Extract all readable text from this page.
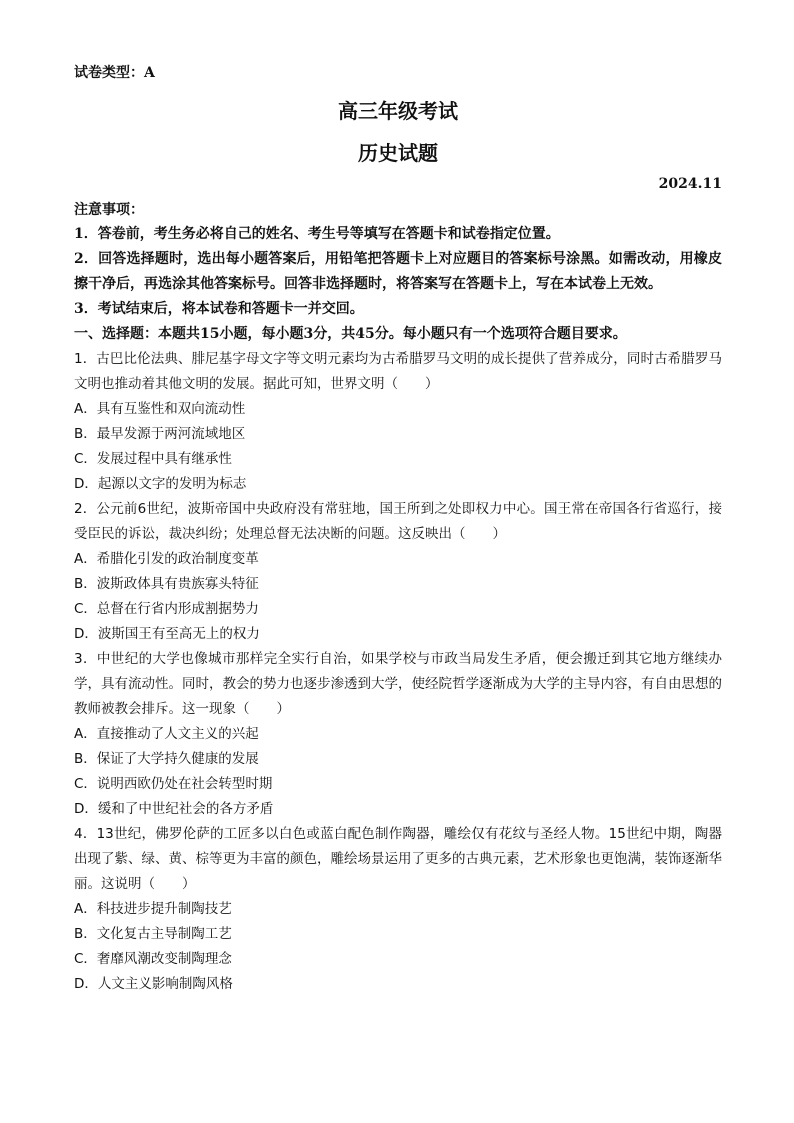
试卷类型：A
高三年级考试
历史试题
2024.11
注意事项：
1．答卷前，考生务必将自己的姓名、考生号等填写在答题卡和试卷指定位置。
2．回答选择题时，选出每小题答案后，用铅笔把答题卡上对应题目的答案标号涂黑。如需改动，用橡皮擦干净后，再选涂其他答案标号。回答非选择题时，将答案写在答题卡上，写在本试卷上无效。
3．考试结束后，将本试卷和答题卡一并交回。
一、选择题：本题共15小题，每小题3分，共45分。每小题只有一个选项符合题目要求。
1．古巴比伦法典、腓尼基字母文字等文明元素均为古希腊罗马文明的成长提供了营养成分，同时古希腊罗马文明也推动着其他文明的发展。据此可知，世界文明（　　）
A．具有互鉴性和双向流动性
B．最早发源于两河流域地区
C．发展过程中具有继承性
D．起源以文字的发明为标志
2．公元前6世纪，波斯帝国中央政府没有常驻地，国王所到之处即权力中心。国王常在帝国各行省巡行，接受臣民的诉讼，裁决纠纷；处理总督无法决断的问题。这反映出（　　）
A．希腊化引发的政治制度变革
B．波斯政体具有贵族寡头特征
C．总督在行省内形成割据势力
D．波斯国王有至高无上的权力
3．中世纪的大学也像城市那样完全实行自治，如果学校与市政当局发生矛盾，便会搬迁到其它地方继续办学，具有流动性。同时，教会的势力也逐步渗透到大学，使经院哲学逐渐成为大学的主导内容，有自由思想的教师被教会排斥。这一现象（　　）
A．直接推动了人文主义的兴起
B．保证了大学持久健康的发展
C．说明西欧仍处在社会转型时期
D．缓和了中世纪社会的各方矛盾
4．13世纪，佛罗伦萨的工匠多以白色或蓝白配色制作陶器，雕绘仅有花纹与圣经人物。15世纪中期，陶器出现了紫、绿、黄、棕等更为丰富的颜色，雕绘场景运用了更多的古典元素，艺术形象也更饱满，装饰逐渐华丽。这说明（　　）
A．科技进步提升制陶技艺
B．文化复古主导制陶工艺
C．奢靡风潮改变制陶理念
D．人文主义影响制陶风格
